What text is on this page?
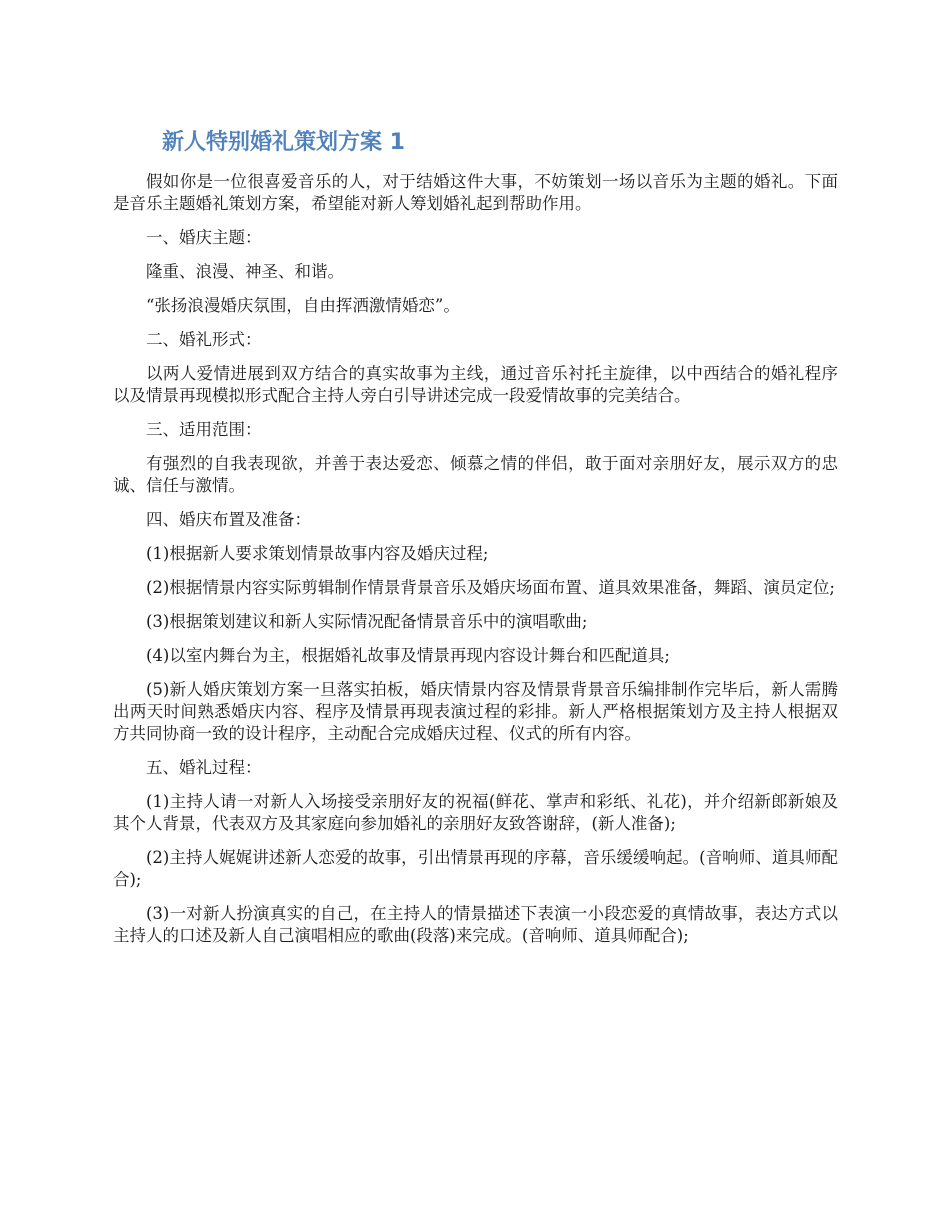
新人特别婚礼策划方案 1

假如你是一位很喜爱音乐的人，对于结婚这件大事，不妨策划一场以音乐为主题的婚礼。下面是音乐主题婚礼策划方案，希望能对新人筹划婚礼起到帮助作用。

一、婚庆主题：

隆重、浪漫、神圣、和谐。

“张扬浪漫婚庆氛围，自由挥洒激情婚恋”。

二、婚礼形式：

以两人爱情进展到双方结合的真实故事为主线，通过音乐衬托主旋律，以中西结合的婚礼程序以及情景再现模拟形式配合主持人旁白引导讲述完成一段爱情故事的完美结合。

三、适用范围：

有强烈的自我表现欲，并善于表达爱恋、倾慕之情的伴侣，敢于面对亲朋好友，展示双方的忠诚、信任与激情。

四、婚庆布置及准备：

(1)根据新人要求策划情景故事内容及婚庆过程;

(2)根据情景内容实际剪辑制作情景背景音乐及婚庆场面布置、道具效果准备，舞蹈、演员定位;

(3)根据策划建议和新人实际情况配备情景音乐中的演唱歌曲;

(4)以室内舞台为主，根据婚礼故事及情景再现内容设计舞台和匹配道具;

(5)新人婚庆策划方案一旦落实拍板，婚庆情景内容及情景背景音乐编排制作完毕后，新人需腾出两天时间熟悉婚庆内容、程序及情景再现表演过程的彩排。新人严格根据策划方及主持人根据双方共同协商一致的设计程序，主动配合完成婚庆过程、仪式的所有内容。

五、婚礼过程：

(1)主持人请一对新人入场接受亲朋好友的祝福(鲜花、掌声和彩纸、礼花)，并介绍新郎新娘及其个人背景，代表双方及其家庭向参加婚礼的亲朋好友致答谢辞，(新人准备);

(2)主持人娓娓讲述新人恋爱的故事，引出情景再现的序幕，音乐缓缓响起。(音响师、道具师配合);

(3)一对新人扮演真实的自己，在主持人的情景描述下表演一小段恋爱的真情故事，表达方式以主持人的口述及新人自己演唱相应的歌曲(段落)来完成。(音响师、道具师配合);
